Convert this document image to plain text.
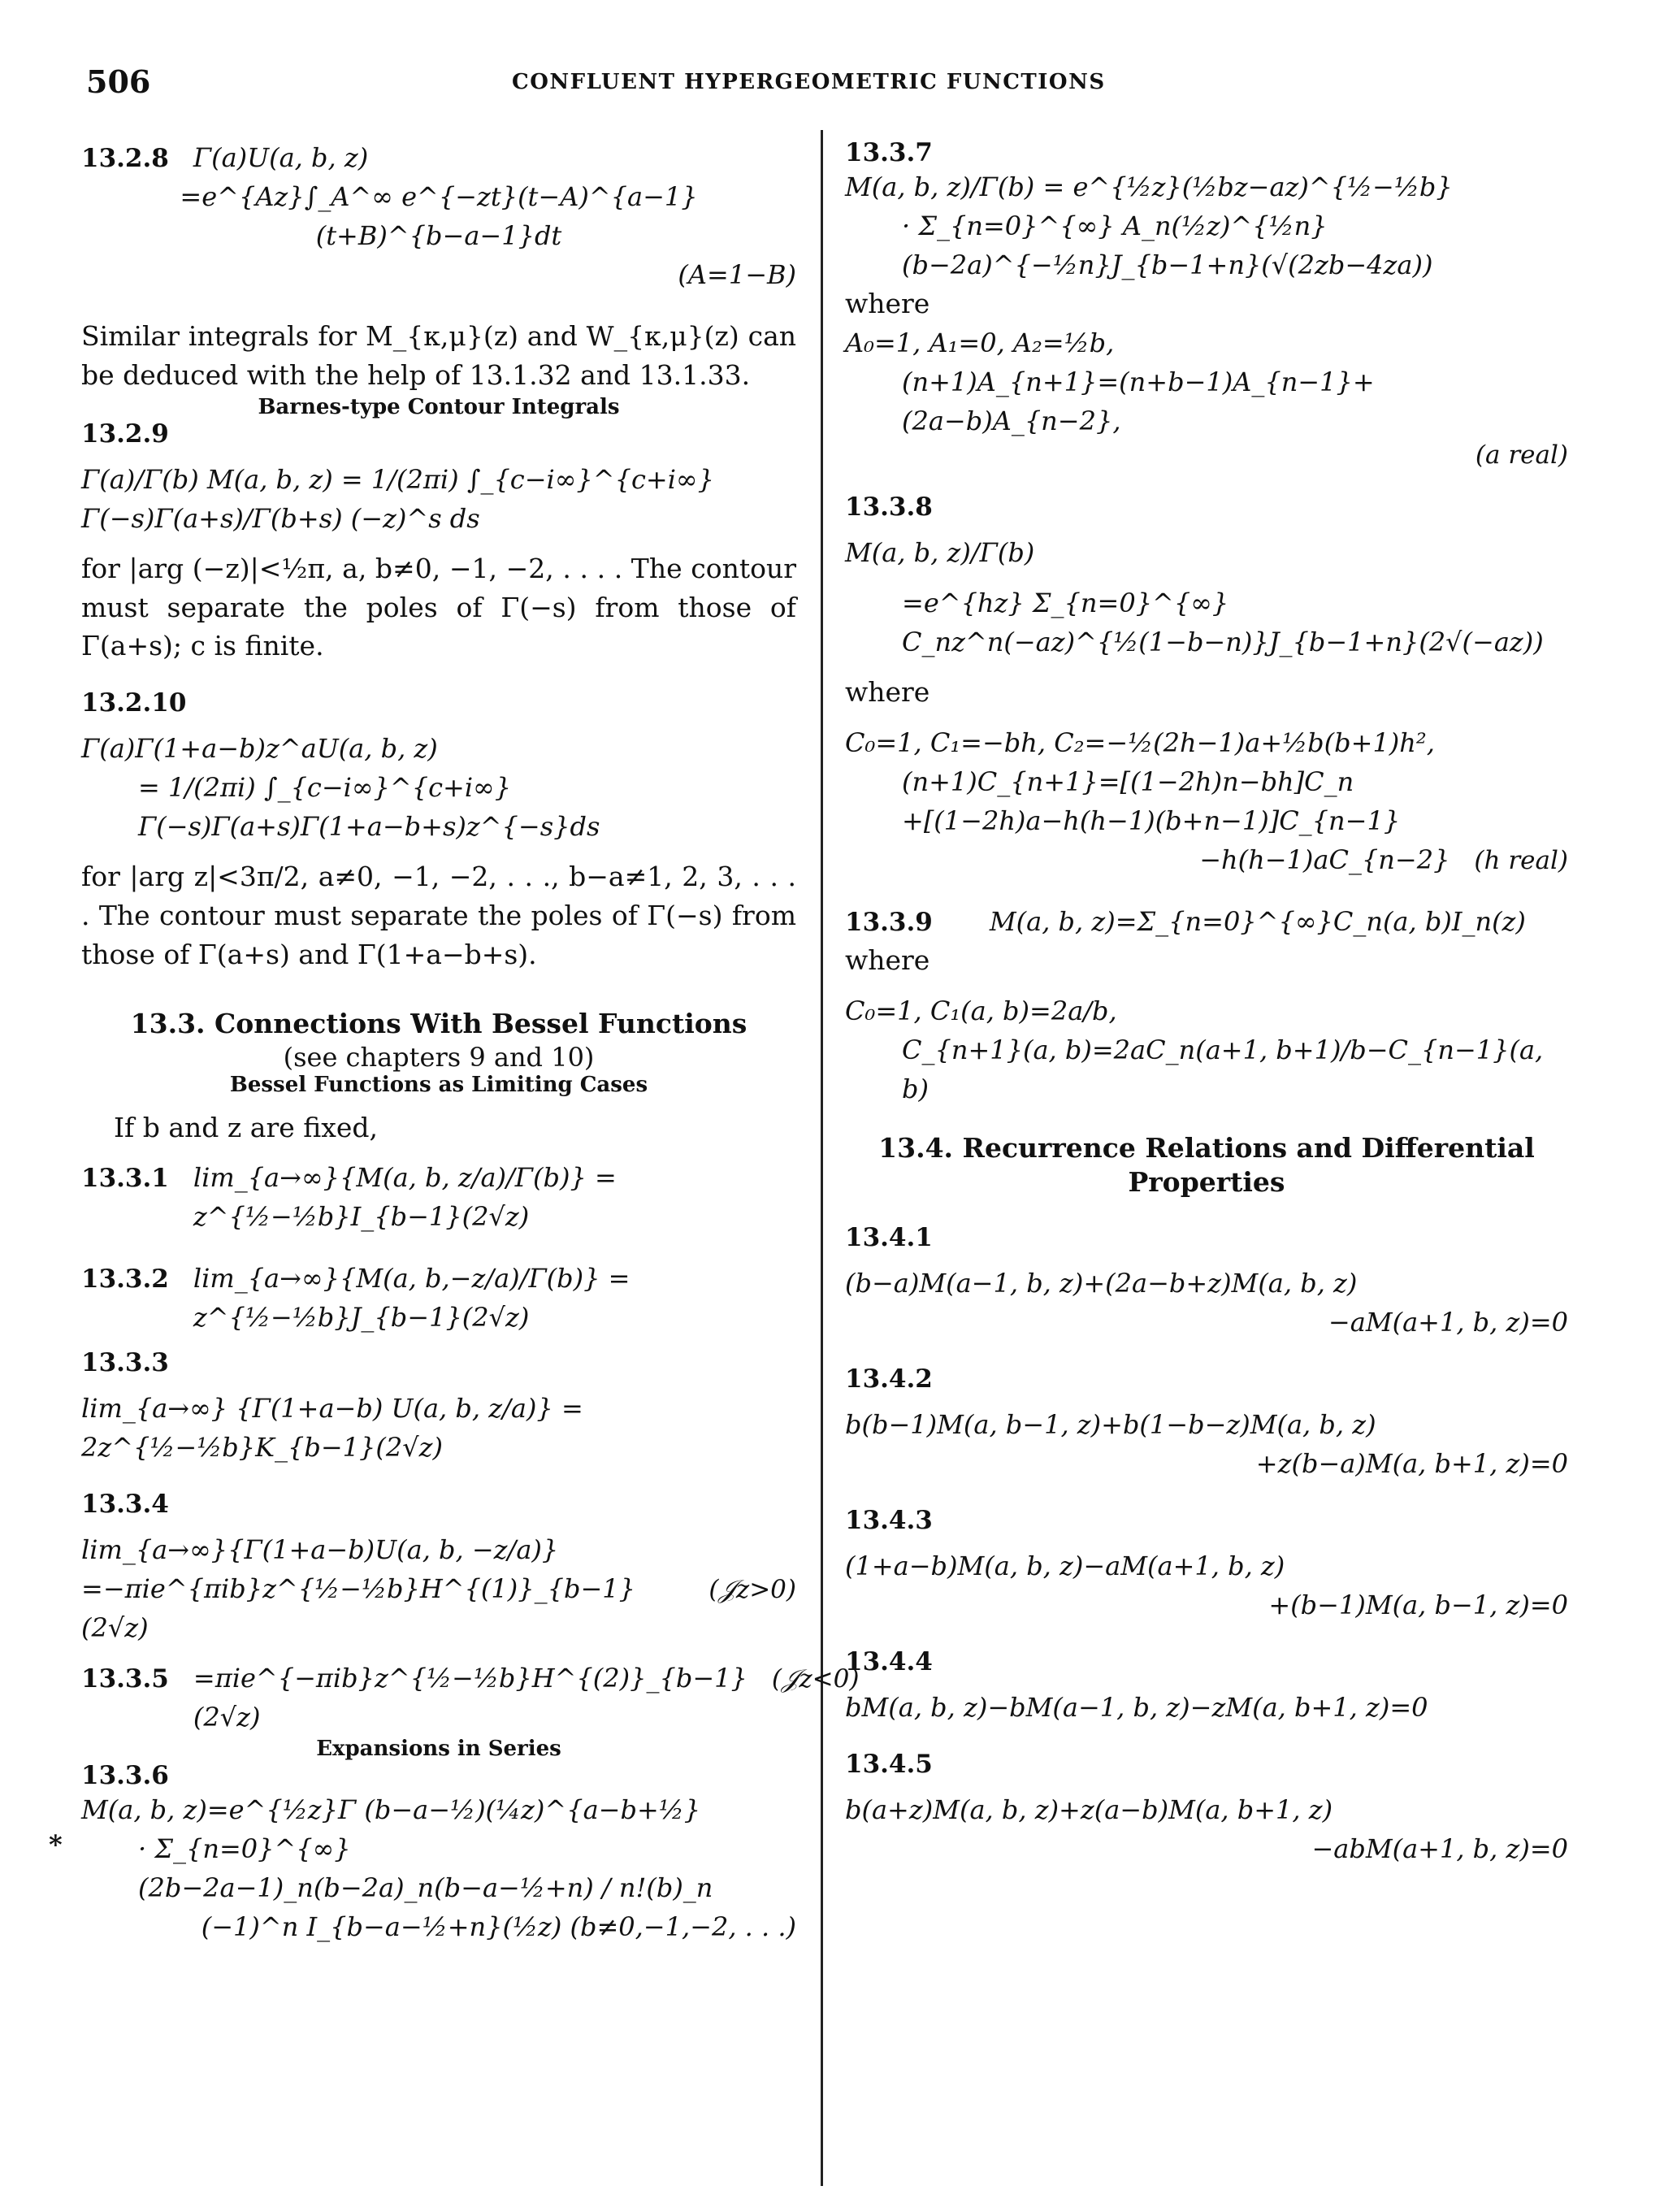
506	CONFLUENT HYPERGEOMETRIC FUNCTIONS
13.2.8 Γ(a)U(a, b, z)
=e^{Az}∫_A^∞ e^{−zt}(t−A)^{a−1}(t+B)^{b−a−1}dt
(A=1−B)

Similar integrals for M_{κ,μ}(z) and W_{κ,μ}(z) can be deduced with the help of 13.1.32 and 13.1.33.

Barnes-type Contour Integrals
13.2.9
Γ(a)/Γ(b) M(a, b, z) = 1/(2πi) ∫_{c−i∞}^{c+i∞} Γ(−s)Γ(a+s)/Γ(b+s) (−z)^s ds

for |arg (−z)|<½π, a, b≠0, −1, −2, . . . . The contour must separate the poles of Γ(−s) from those of Γ(a+s); c is finite.

13.2.10
Γ(a)Γ(1+a−b)z^aU(a, b, z)
= 1/(2πi) ∫_{c−i∞}^{c+i∞} Γ(−s)Γ(a+s)Γ(1+a−b+s)z^{−s}ds

for |arg z|<3π/2, a≠0, −1, −2, . . ., b−a≠1, 2, 3, . . . . The contour must separate the poles of Γ(−s) from those of Γ(a+s) and Γ(1+a−b+s).

13.3. Connections With Bessel Functions
(see chapters 9 and 10)
Bessel Functions as Limiting Cases

If b and z are fixed,

13.3.1 lim_{a→∞}{M(a, b, z/a)/Γ(b)} = z^{½−½b}I_{b−1}(2√z)
13.3.2 lim_{a→∞}{M(a, b,−z/a)/Γ(b)} = z^{½−½b}J_{b−1}(2√z)
13.3.3
lim_{a→∞} {Γ(1+a−b) U(a, b, z/a)} = 2z^{½−½b}K_{b−1}(2√z)
13.3.4
lim_{a→∞}{Γ(1+a−b)U(a, b, −z/a)}
=−πie^{πib}z^{½−½b}H^{(1)}_{b−1}(2√z)
(𝒥z>0)
13.3.5 =πie^{−πib}z^{½−½b}H^{(2)}_{b−1}(2√z)
(𝒥z<0)
Expansions in Series
13.3.6
M(a, b, z)=e^{½z}Γ (b−a−½)(¼z)^{a−b+½}
*	· Σ_{n=0}^{∞} (2b−2a−1)_n(b−2a)_n(b−a−½+n) / n!(b)_n
(−1)^n I_{b−a−½+n}(½z) (b≠0,−1,−2, . . .)
13.3.7
M(a, b, z)/Γ(b) = e^{½z}(½bz−az)^{½−½b}
· Σ_{n=0}^{∞} A_n(½z)^{½n}(b−2a)^{−½n}J_{b−1+n}(√(2zb−4za))
where
A₀=1, A₁=0, A₂=½b,
(n+1)A_{n+1}=(n+b−1)A_{n−1}+(2a−b)A_{n−2},
(a real)
13.3.8
M(a, b, z)/Γ(b)
=e^{hz} Σ_{n=0}^{∞} C_nz^n(−az)^{½(1−b−n)}J_{b−1+n}(2√(−az))
where
C₀=1, C₁=−bh, C₂=−½(2h−1)a+½b(b+1)h²,
(n+1)C_{n+1}=[(1−2h)n−bh]C_n
+[(1−2h)a−h(h−1)(b+n−1)]C_{n−1}
−h(h−1)aC_{n−2} (h real)
13.3.9	M(a, b, z)=Σ_{n=0}^{∞}C_n(a, b)I_n(z)
where
C₀=1, C₁(a, b)=2a/b,
C_{n+1}(a, b)=2aC_n(a+1, b+1)/b−C_{n−1}(a, b)
13.4. Recurrence Relations and Differential Properties
13.4.1
(b−a)M(a−1, b, z)+(2a−b+z)M(a, b, z)
−aM(a+1, b, z)=0
13.4.2
b(b−1)M(a, b−1, z)+b(1−b−z)M(a, b, z)
+z(b−a)M(a, b+1, z)=0
13.4.3
(1+a−b)M(a, b, z)−aM(a+1, b, z)
+(b−1)M(a, b−1, z)=0
13.4.4
bM(a, b, z)−bM(a−1, b, z)−zM(a, b+1, z)=0
13.4.5
b(a+z)M(a, b, z)+z(a−b)M(a, b+1, z)
−abM(a+1, b, z)=0
